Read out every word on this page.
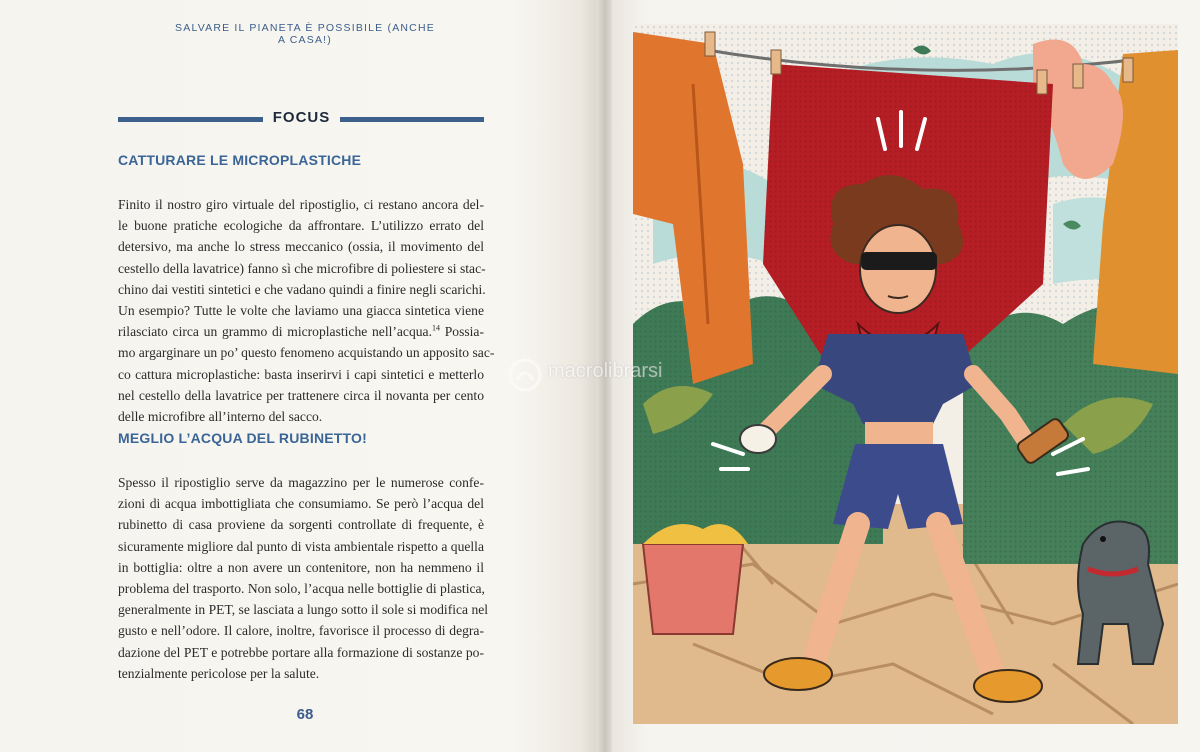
SALVARE IL PIANETA È POSSIBILE (ANCHE A CASA!)
FOCUS
CATTURARE LE MICROPLASTICHE
Finito il nostro giro virtuale del ripostiglio, ci restano ancora del-
le buone pratiche ecologiche da affrontare. L’utilizzo errato del
detersivo, ma anche lo stress meccanico (ossia, il movimento del
cestello della lavatrice) fanno sì che microfibre di poliestere si stac-
chino dai vestiti sintetici e che vadano quindi a finire negli scarichi.
Un esempio? Tutte le volte che laviamo una giacca sintetica viene
rilasciato circa un grammo di microplastiche nell’acqua.$^{14}$ Possia-
mo argarginare un po’ questo fenomeno acquistando un apposito sac-
co cattura microplastiche: basta inserirvi i capi sintetici e metterlo
nel cestello della lavatrice per trattenere circa il novanta per cento
delle microfibre all’interno del sacco.
MEGLIO L’ACQUA DEL RUBINETTO!
Spesso il ripostiglio serve da magazzino per le numerose confe-
zioni di acqua imbottigliata che consumiamo. Se però l’acqua del
rubinetto di casa proviene da sorgenti controllate di frequente, è
sicuramente migliore dal punto di vista ambientale rispetto a quella
in bottiglia: oltre a non avere un contenitore, non ha nemmeno il
problema del trasporto. Non solo, l’acqua nelle bottiglie di plastica,
generalmente in PET, se lasciata a lungo sotto il sole si modifica nel
gusto e nell’odore. Il calore, inoltre, favorisce il processo di degra-
dazione del PET e potrebbe portare alla formazione di sostanze po-
tenzialmente pericolose per la salute.
68
macrolibrarsi
